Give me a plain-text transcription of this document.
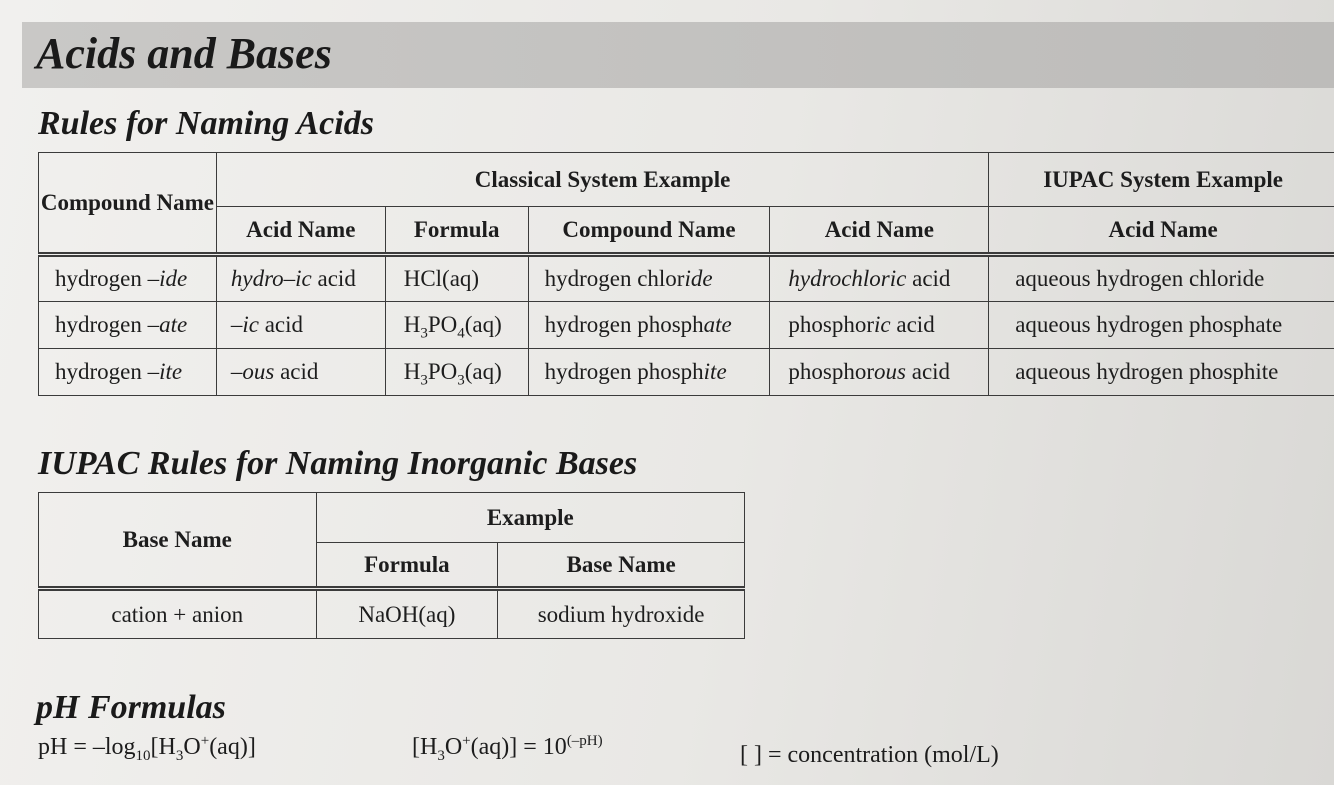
Acids and Bases
Rules for Naming Acids
Compound Name	Classical System Example				IUPAC System Example
	Acid Name	Formula	Compound Name	Acid Name	Acid Name
hydrogen –ide	hydro–ic acid	HCl(aq)	hydrogen chloride	hydrochloric acid	aqueous hydrogen chloride
hydrogen –ate	–ic acid	$H_3PO_4(aq)$	hydrogen phosphate	phosphoric acid	aqueous hydrogen phosphate
hydrogen –ite	–ous acid	$H_3PO_3(aq)$	hydrogen phosphite	phosphorous acid	aqueous hydrogen phosphite
IUPAC Rules for Naming Inorganic Bases
Base Name	Example	
	Formula	Base Name
cation + anion	NaOH(aq)	sodium hydroxide
pH Formulas
pH = $-\log_{10}[H_3O^+(aq)]$	$[H_3O^+(aq)] = 10^{(-pH)}$
[ ] = concentration (mol/L)
